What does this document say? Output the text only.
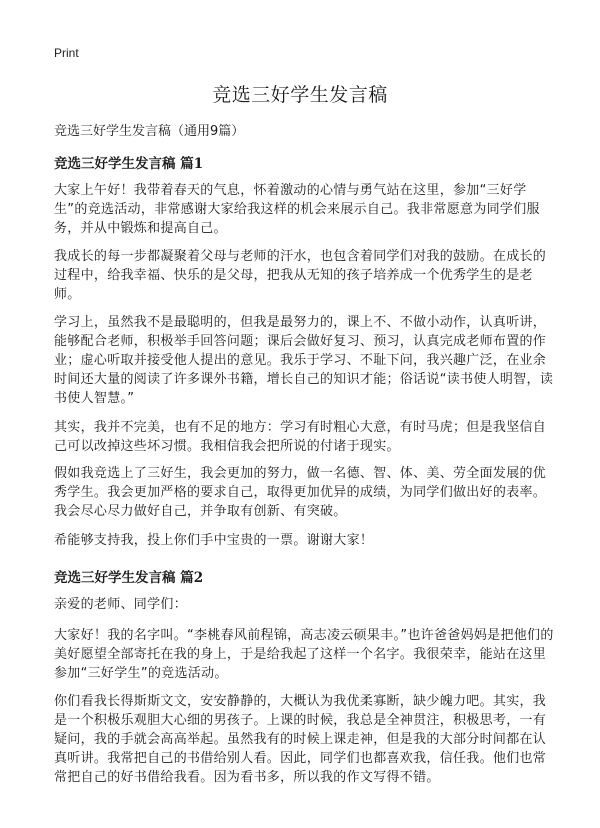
Print
竞选三好学生发言稿

竞选三好学生发言稿（通用9篇）

竞选三好学生发言稿 篇1

大家上午好！我带着春天的气息，怀着激动的心情与勇气站在这里，参加“三好学生”的竞选活动，非常感谢大家给我这样的机会来展示自己。我非常愿意为同学们服务，并从中锻炼和提高自己。

我成长的每一步都凝聚着父母与老师的汗水，也包含着同学们对我的鼓励。在成长的过程中，给我幸福、快乐的是父母，把我从无知的孩子培养成一个优秀学生的是老师。

学习上，虽然我不是最聪明的，但我是最努力的，课上不、不做小动作，认真听讲，能够配合老师，积极举手回答问题；课后会做好复习、预习，认真完成老师布置的作业；虚心听取并接受他人提出的意见。我乐于学习、不耻下问，我兴趣广泛，在业余时间还大量的阅读了许多课外书籍，增长自己的知识才能；俗话说“读书使人明智，读书使人智慧。”

其实，我并不完美，也有不足的地方：学习有时粗心大意，有时马虎；但是我坚信自己可以改掉这些坏习惯。我相信我会把所说的付诸于现实。

假如我竞选上了三好生，我会更加的努力，做一名德、智、体、美、劳全面发展的优秀学生。我会更加严格的要求自己，取得更加优异的成绩，为同学们做出好的表率。我会尽心尽力做好自己，并争取有创新、有突破。

希能够支持我，投上你们手中宝贵的一票。谢谢大家！

竞选三好学生发言稿 篇2

亲爱的老师、同学们：

大家好！我的名字叫。“李桃春风前程锦，高志凌云硕果丰。”也许爸爸妈妈是把他们的美好愿望全部寄托在我的身上，于是给我起了这样一个名字。我很荣幸，能站在这里参加“三好学生”的竞选活动。

你们看我长得斯斯文文，安安静静的，大概认为我优柔寡断，缺少魄力吧。其实，我是一个积极乐观胆大心细的男孩子。上课的时候，我总是全神贯注，积极思考，一有疑问，我的手就会高高举起。虽然我有的时候上课走神，但是我的大部分时间都在认真听讲。我常把自己的书借给别人看。因此，同学们也都喜欢我，信任我。他们也常常把自己的好书借给我看。因为看书多，所以我的作文写得不错。
